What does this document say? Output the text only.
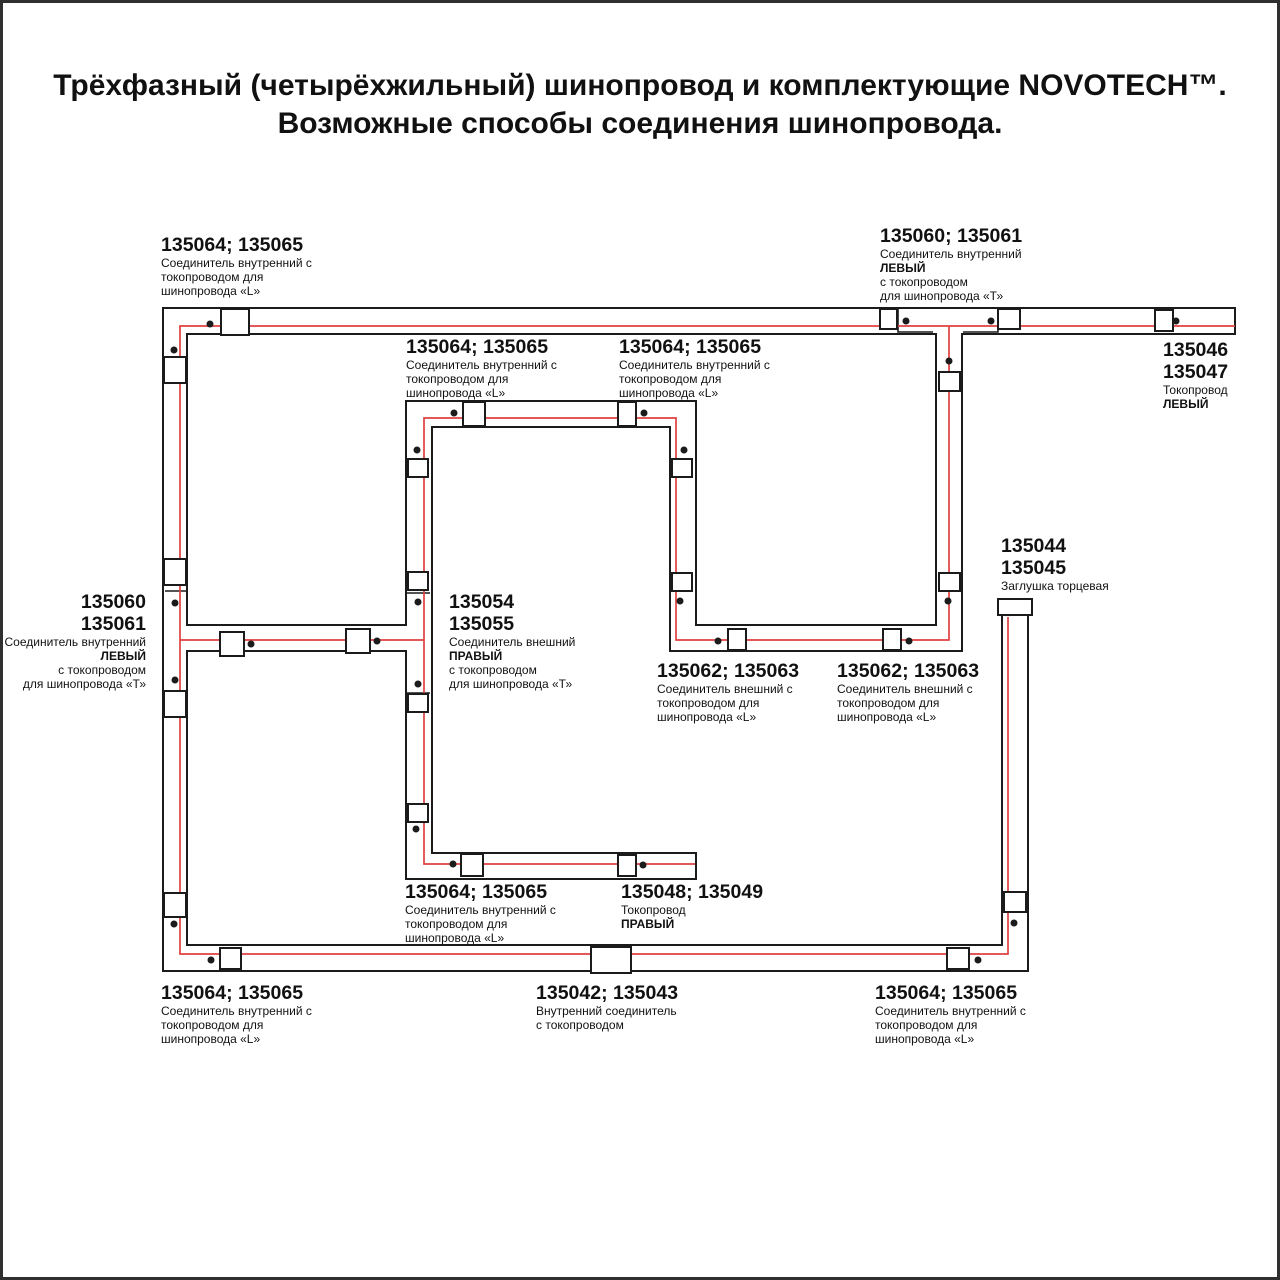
Трёхфазный (четырёхжильный) шинопровод и комплектующие NOVOTECH™.
Возможные способы соединения шинопровода.
135064; 135065
Соединитель внутренний с
токопроводом для
шинопровода «L»
135064; 135065
Соединитель внутренний с
токопроводом для
шинопровода «L»
135064; 135065
Соединитель внутренний с
токопроводом для
шинопровода «L»
135060; 135061
Соединитель внутренний
ЛЕВЫЙ
с токопроводом
для шинопровода «Т»
135046
135047
Токопровод
ЛЕВЫЙ
135060
135061
Соединитель внутренний
ЛЕВЫЙ
с токопроводом
для шинопровода «Т»
135054
135055
Соединитель внешний
ПРАВЫЙ
с токопроводом
для шинопровода «Т»
135062; 135063
Соединитель внешний с
токопроводом для
шинопровода «L»
135062; 135063
Соединитель внешний с
токопроводом для
шинопровода «L»
135044
135045
Заглушка торцевая
135064; 135065
Соединитель внутренний с
токопроводом для
шинопровода «L»
135048; 135049
Токопровод
ПРАВЫЙ
135064; 135065
Соединитель внутренний с
токопроводом для
шинопровода «L»
135042; 135043
Внутренний соединитель
с токопроводом
135064; 135065
Соединитель внутренний с
токопроводом для
шинопровода «L»
